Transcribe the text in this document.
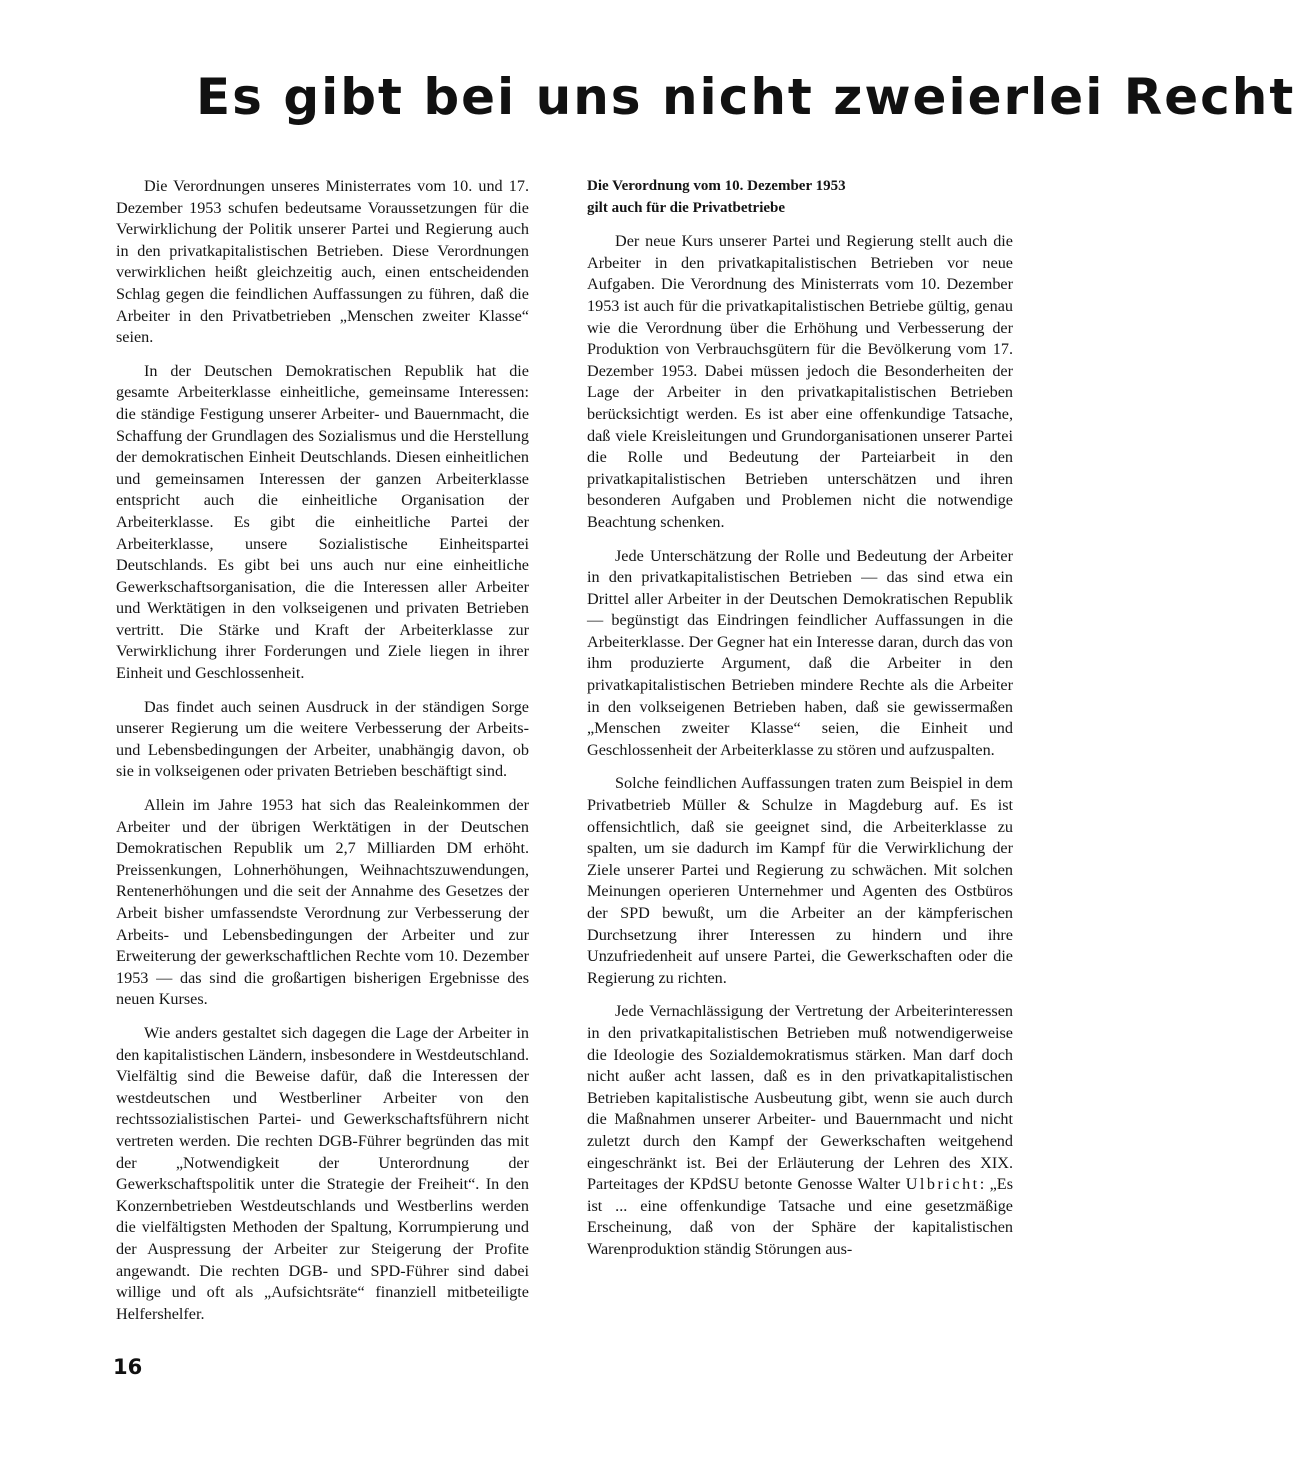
Es gibt bei uns nicht zweierlei Recht

Die Verordnungen unseres Ministerrates vom 10. und 17. Dezember 1953 schufen bedeutsame Voraussetzungen für die Verwirklichung der Politik unserer Partei und Regierung auch in den privatkapitalistischen Betrieben. Diese Verordnungen verwirklichen heißt gleichzeitig auch, einen entscheidenden Schlag gegen die feindlichen Auffassungen zu führen, daß die Arbeiter in den Privatbetrieben „Menschen zweiter Klasse“ seien.

In der Deutschen Demokratischen Republik hat die gesamte Arbeiterklasse einheitliche, gemeinsame Interessen: die ständige Festigung unserer Arbeiter- und Bauernmacht, die Schaffung der Grundlagen des Sozialismus und die Herstellung der demokratischen Einheit Deutschlands. Diesen einheitlichen und gemeinsamen Interessen der ganzen Arbeiterklasse entspricht auch die einheitliche Organisation der Arbeiterklasse. Es gibt die einheitliche Partei der Arbeiterklasse, unsere Sozialistische Einheitspartei Deutschlands. Es gibt bei uns auch nur eine einheitliche Gewerkschaftsorganisation, die die Interessen aller Arbeiter und Werktätigen in den volkseigenen und privaten Betrieben vertritt. Die Stärke und Kraft der Arbeiterklasse zur Verwirklichung ihrer Forderungen und Ziele liegen in ihrer Einheit und Geschlossenheit.

Das findet auch seinen Ausdruck in der ständigen Sorge unserer Regierung um die weitere Verbesserung der Arbeits- und Lebensbedingungen der Arbeiter, unabhängig davon, ob sie in volkseigenen oder privaten Betrieben beschäftigt sind.

Allein im Jahre 1953 hat sich das Realeinkommen der Arbeiter und der übrigen Werktätigen in der Deutschen Demokratischen Republik um 2,7 Milliarden DM erhöht. Preissenkungen, Lohnerhöhungen, Weihnachtszuwendungen, Rentenerhöhungen und die seit der Annahme des Gesetzes der Arbeit bisher umfassendste Verordnung zur Verbesserung der Arbeits- und Lebensbedingungen der Arbeiter und zur Erweiterung der gewerkschaftlichen Rechte vom 10. Dezember 1953 — das sind die großartigen bisherigen Ergebnisse des neuen Kurses.

Wie anders gestaltet sich dagegen die Lage der Arbeiter in den kapitalistischen Ländern, insbesondere in Westdeutschland. Vielfältig sind die Beweise dafür, daß die Interessen der westdeutschen und Westberliner Arbeiter von den rechtssozialistischen Partei- und Gewerkschaftsführern nicht vertreten werden. Die rechten DGB-Führer begründen das mit der „Notwendigkeit der Unterordnung der Gewerkschaftspolitik unter die Strategie der Freiheit“. In den Konzernbetrieben Westdeutschlands und Westberlins werden die vielfältigsten Methoden der Spaltung, Korrumpierung und der Auspressung der Arbeiter zur Steigerung der Profite angewandt. Die rechten DGB- und SPD-Führer sind dabei willige und oft als „Aufsichtsräte“ finanziell mitbeteiligte Helfershelfer.

Die Verordnung vom 10. Dezember 1953
gilt auch für die Privatbetriebe

Der neue Kurs unserer Partei und Regierung stellt auch die Arbeiter in den privatkapitalistischen Betrieben vor neue Aufgaben. Die Verordnung des Ministerrats vom 10. Dezember 1953 ist auch für die privatkapitalistischen Betriebe gültig, genau wie die Verordnung über die Erhöhung und Verbesserung der Produktion von Verbrauchsgütern für die Bevölkerung vom 17. Dezember 1953. Dabei müssen jedoch die Besonderheiten der Lage der Arbeiter in den privatkapitalistischen Betrieben berücksichtigt werden. Es ist aber eine offenkundige Tatsache, daß viele Kreisleitungen und Grundorganisationen unserer Partei die Rolle und Bedeutung der Parteiarbeit in den privatkapitalistischen Betrieben unterschätzen und ihren besonderen Aufgaben und Problemen nicht die notwendige Beachtung schenken.

Jede Unterschätzung der Rolle und Bedeutung der Arbeiter in den privatkapitalistischen Betrieben — das sind etwa ein Drittel aller Arbeiter in der Deutschen Demokratischen Republik — begünstigt das Eindringen feindlicher Auffassungen in die Arbeiterklasse. Der Gegner hat ein Interesse daran, durch das von ihm produzierte Argument, daß die Arbeiter in den privatkapitalistischen Betrieben mindere Rechte als die Arbeiter in den volkseigenen Betrieben haben, daß sie gewissermaßen „Menschen zweiter Klasse“ seien, die Einheit und Geschlossenheit der Arbeiterklasse zu stören und aufzuspalten.

Solche feindlichen Auffassungen traten zum Beispiel in dem Privatbetrieb Müller & Schulze in Magdeburg auf. Es ist offensichtlich, daß sie geeignet sind, die Arbeiterklasse zu spalten, um sie dadurch im Kampf für die Verwirklichung der Ziele unserer Partei und Regierung zu schwächen. Mit solchen Meinungen operieren Unternehmer und Agenten des Ostbüros der SPD bewußt, um die Arbeiter an der kämpferischen Durchsetzung ihrer Interessen zu hindern und ihre Unzufriedenheit auf unsere Partei, die Gewerkschaften oder die Regierung zu richten.

Jede Vernachlässigung der Vertretung der Arbeiterinteressen in den privatkapitalistischen Betrieben muß notwendigerweise die Ideologie des Sozialdemokratismus stärken. Man darf doch nicht außer acht lassen, daß es in den privatkapitalistischen Betrieben kapitalistische Ausbeutung gibt, wenn sie auch durch die Maßnahmen unserer Arbeiter- und Bauernmacht und nicht zuletzt durch den Kampf der Gewerkschaften weitgehend eingeschränkt ist. Bei der Erläuterung der Lehren des XIX. Parteitages der KPdSU betonte Genosse Walter Ulbricht: „Es ist ... eine offenkundige Tatsache und eine gesetzmäßige Erscheinung, daß von der Sphäre der kapitalistischen Warenproduktion ständig Störungen aus-

16
